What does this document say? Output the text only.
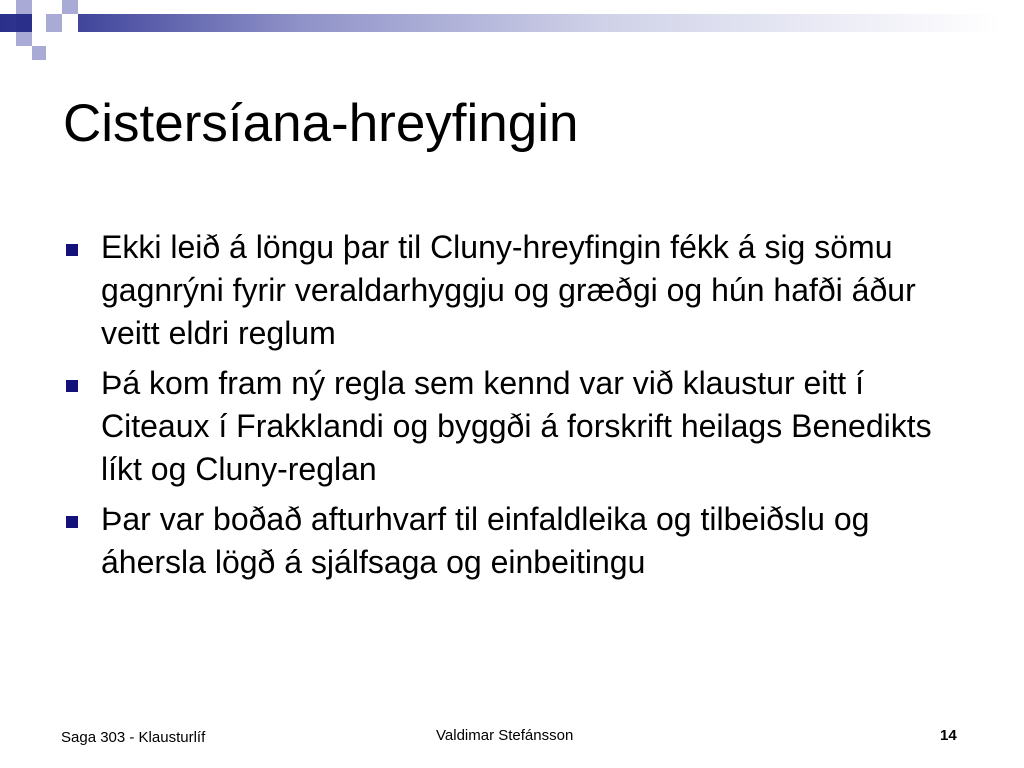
Cistersíana-hreyfingin
Ekki leið á löngu þar til Cluny-hreyfingin fékk á sig sömu gagnrýni fyrir veraldarhyggju og græðgi og hún hafði áður veitt eldri reglum
Þá kom fram ný regla sem kennd var við klaustur eitt í Citeaux í Frakklandi og byggði á forskrift heilags Benedikts líkt og Cluny-reglan
Þar var boðað afturhvarf til einfaldleika og tilbeiðslu og áhersla lögð á sjálfsaga og einbeitingu
Saga 303 - Klausturlíf	Valdimar Stefánsson	14
